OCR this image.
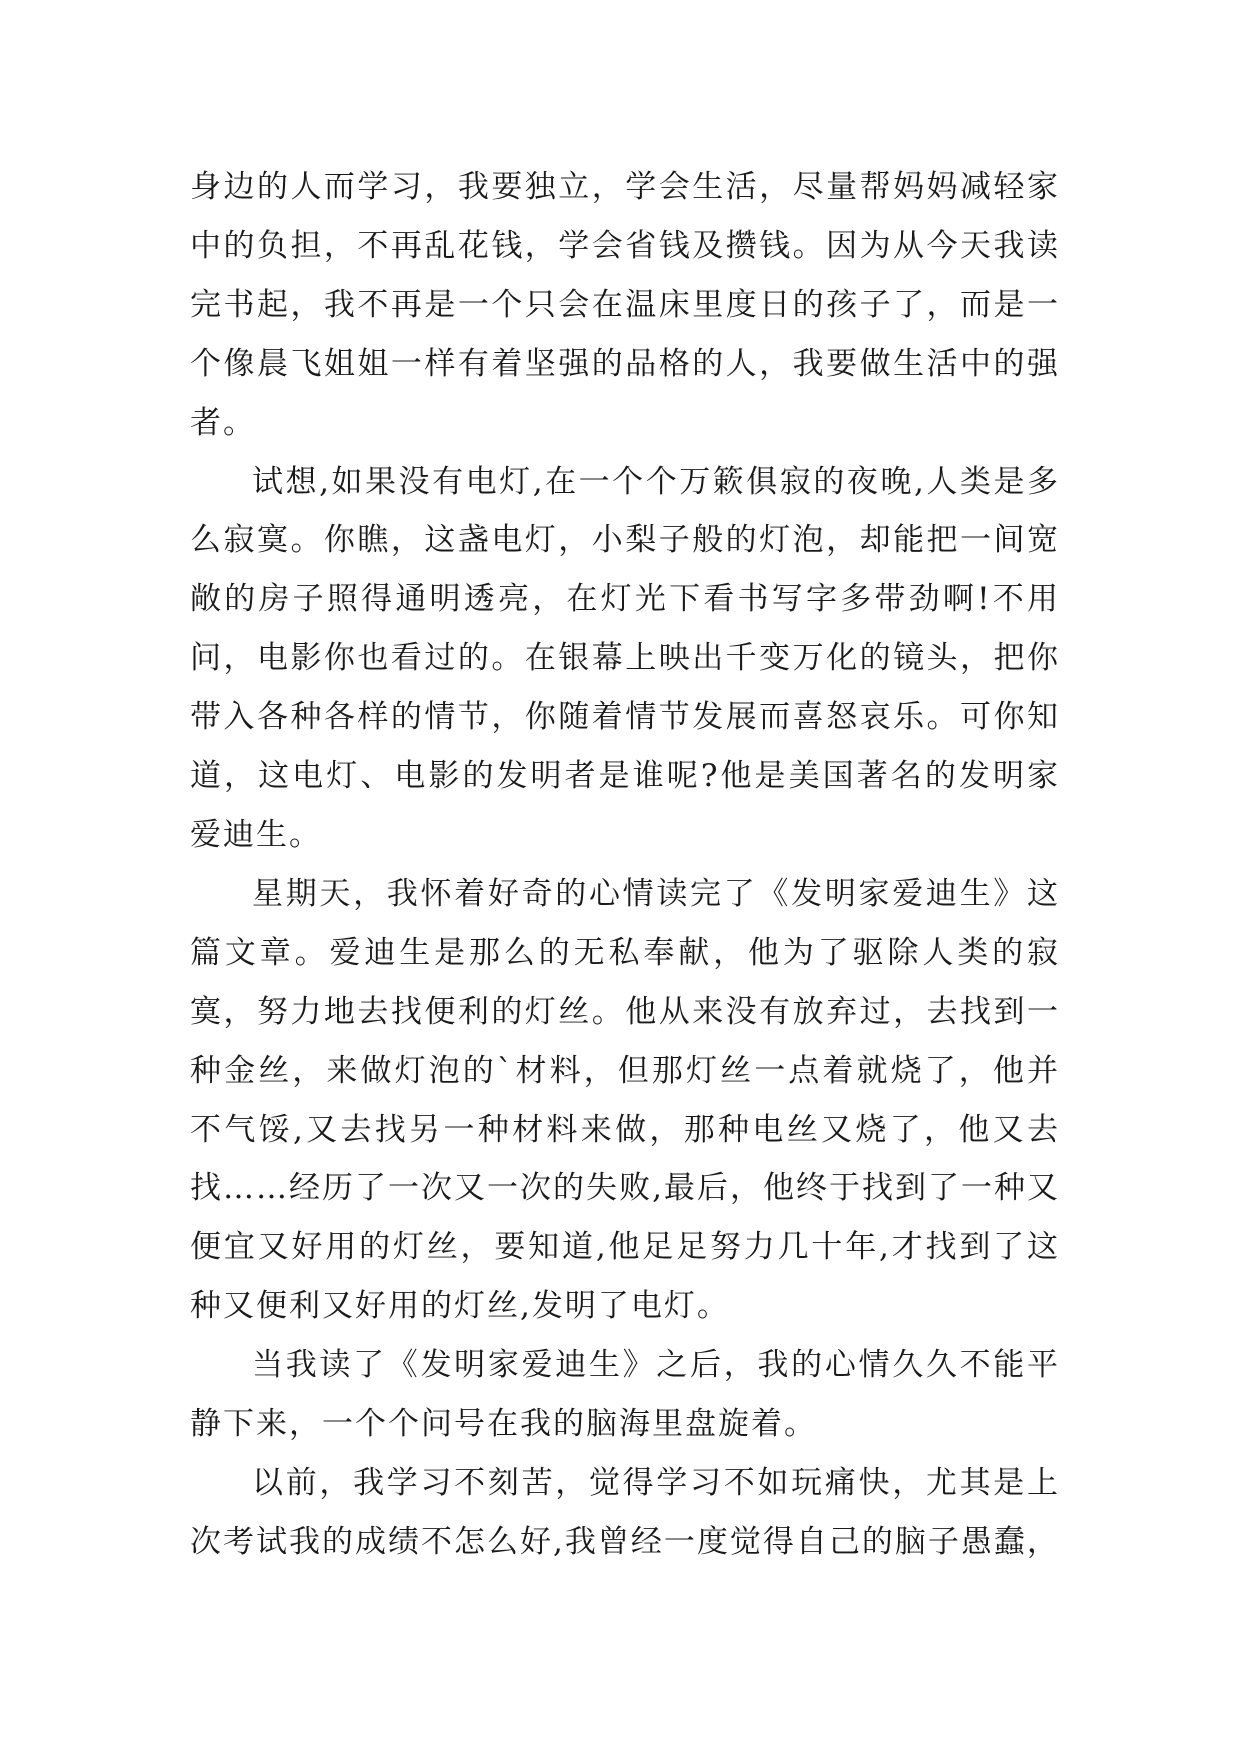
身边的人而学习，我要独立，学会生活，尽量帮妈妈减轻家中的负担，不再乱花钱，学会省钱及攒钱。因为从今天我读完书起，我不再是一个只会在温床里度日的孩子了，而是一个像晨飞姐姐一样有着坚强的品格的人，我要做生活中的强者。

试想,如果没有电灯,在一个个万簌俱寂的夜晚,人类是多么寂寞。你瞧，这盏电灯，小梨子般的灯泡，却能把一间宽敞的房子照得通明透亮，在灯光下看书写字多带劲啊!不用问，电影你也看过的。在银幕上映出千变万化的镜头，把你带入各种各样的情节，你随着情节发展而喜怒哀乐。可你知道，这电灯、电影的发明者是谁呢?他是美国著名的发明家爱迪生。

星期天，我怀着好奇的心情读完了《发明家爱迪生》这篇文章。爱迪生是那么的无私奉献，他为了驱除人类的寂寞，努力地去找便利的灯丝。他从来没有放弃过，去找到一种金丝，来做灯泡的`材料，但那灯丝一点着就烧了，他并不气馁,又去找另一种材料来做，那种电丝又烧了，他又去找……经历了一次又一次的失败,最后，他终于找到了一种又便宜又好用的灯丝，要知道,他足足努力几十年,才找到了这种又便利又好用的灯丝,发明了电灯。

当我读了《发明家爱迪生》之后，我的心情久久不能平静下来，一个个问号在我的脑海里盘旋着。

以前，我学习不刻苦，觉得学习不如玩痛快，尤其是上次考试我的成绩不怎么好,我曾经一度觉得自己的脑子愚蠢，
